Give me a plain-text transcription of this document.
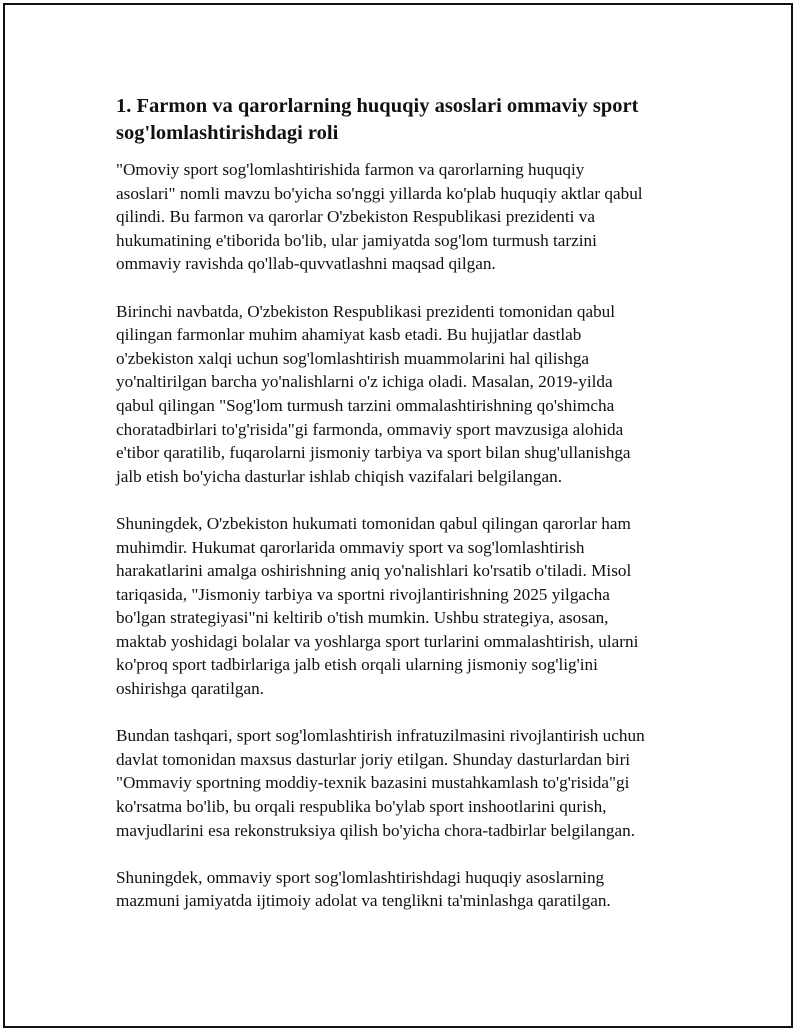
1. Farmon va qarorlarning huquqiy asoslari ommaviy sport
sog'lomlashtirishdagi roli

"Omoviy sport sog'lomlashtirishida farmon va qarorlarning huquqiy
asoslari" nomli mavzu bo'yicha so'nggi yillarda ko'plab huquqiy aktlar qabul
qilindi. Bu farmon va qarorlar O'zbekiston Respublikasi prezidenti va
hukumatining e'tiborida bo'lib, ular jamiyatda sog'lom turmush tarzini
ommaviy ravishda qo'llab-quvvatlashni maqsad qilgan.

Birinchi navbatda, O'zbekiston Respublikasi prezidenti tomonidan qabul
qilingan farmonlar muhim ahamiyat kasb etadi. Bu hujjatlar dastlab
o'zbekiston xalqi uchun sog'lomlashtirish muammolarini hal qilishga
yo'naltirilgan barcha yo'nalishlarni o'z ichiga oladi. Masalan, 2019-yilda
qabul qilingan "Sog'lom turmush tarzini ommalashtirishning qo'shimcha
choratadbirlari to'g'risida"gi farmonda, ommaviy sport mavzusiga alohida
e'tibor qaratilib, fuqarolarni jismoniy tarbiya va sport bilan shug'ullanishga
jalb etish bo'yicha dasturlar ishlab chiqish vazifalari belgilangan.

Shuningdek, O'zbekiston hukumati tomonidan qabul qilingan qarorlar ham
muhimdir. Hukumat qarorlarida ommaviy sport va sog'lomlashtirish
harakatlarini amalga oshirishning aniq yo'nalishlari ko'rsatib o'tiladi. Misol
tariqasida, "Jismoniy tarbiya va sportni rivojlantirishning 2025 yilgacha
bo'lgan strategiyasi"ni keltirib o'tish mumkin. Ushbu strategiya, asosan,
maktab yoshidagi bolalar va yoshlarga sport turlarini ommalashtirish, ularni
ko'proq sport tadbirlariga jalb etish orqali ularning jismoniy sog'lig'ini
oshirishga qaratilgan.

Bundan tashqari, sport sog'lomlashtirish infratuzilmasini rivojlantirish uchun
davlat tomonidan maxsus dasturlar joriy etilgan. Shunday dasturlardan biri
"Ommaviy sportning moddiy-texnik bazasini mustahkamlash to'g'risida"gi
ko'rsatma bo'lib, bu orqali respublika bo'ylab sport inshootlarini qurish,
mavjudlarini esa rekonstruksiya qilish bo'yicha chora-tadbirlar belgilangan.

Shuningdek, ommaviy sport sog'lomlashtirishdagi huquqiy asoslarning
mazmuni jamiyatda ijtimoiy adolat va tenglikni ta'minlashga qaratilgan.
